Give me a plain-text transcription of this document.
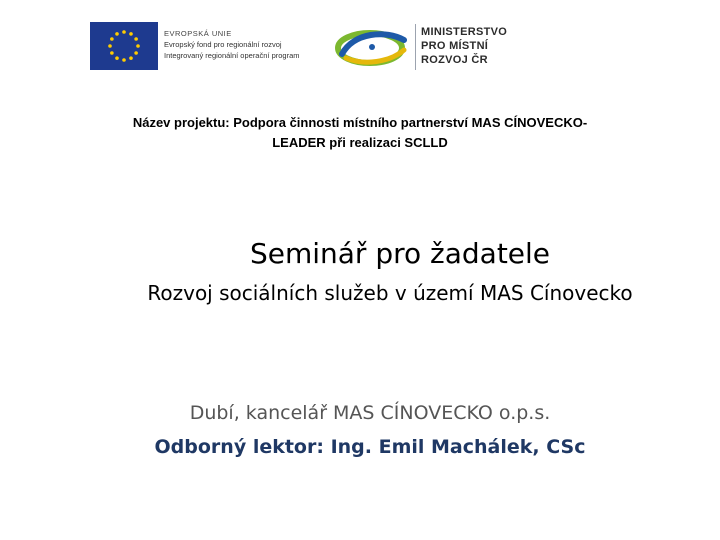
EVROPSKÁ UNIE
Evropský fond pro regionální rozvoj
Integrovaný regionální operační program
MINISTERSTVO
PRO MÍSTNÍ
ROZVOJ ČR
Název projektu: Podpora činnosti místního partnerství MAS CÍNOVECKO-
LEADER při realizaci SCLLD
Seminář pro žadatele
Rozvoj sociálních služeb v území MAS Cínovecko
Dubí, kancelář MAS CÍNOVECKO o.p.s.
Odborný lektor: Ing. Emil Machálek, CSc
